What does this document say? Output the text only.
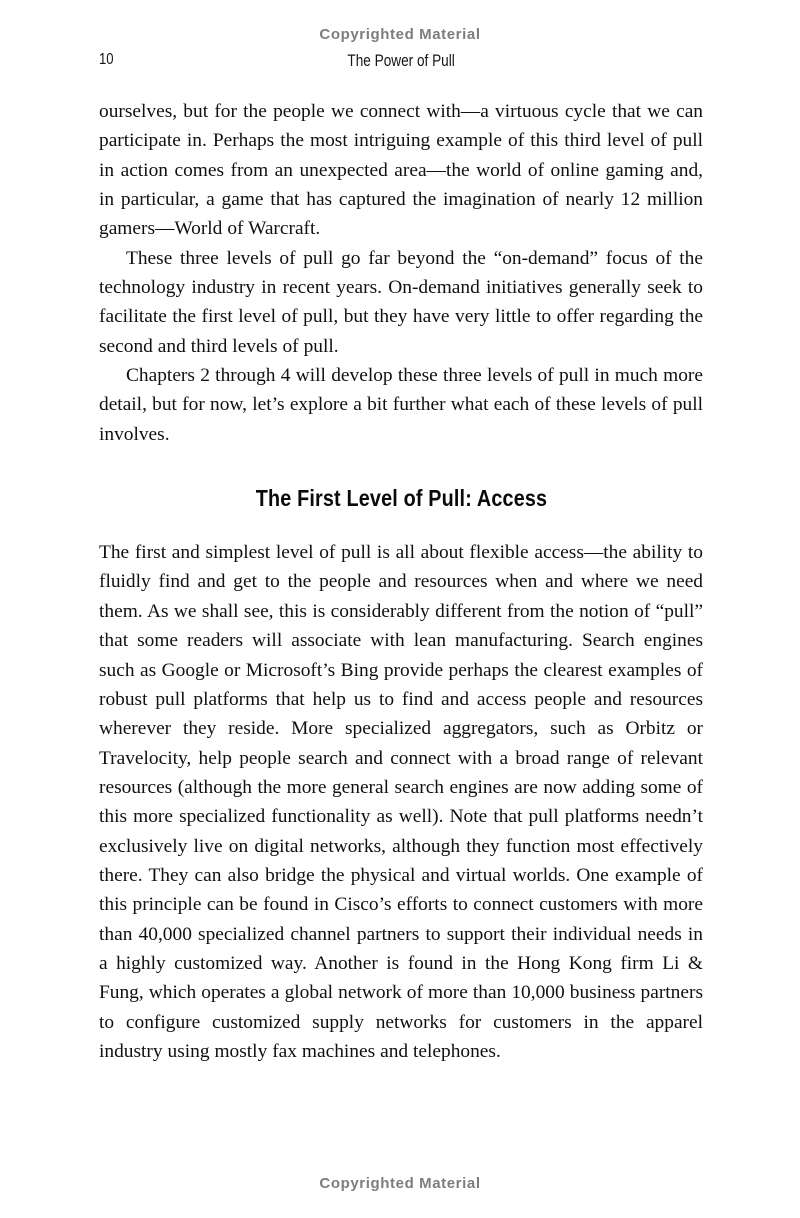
Copyrighted Material
10	The Power of Pull

ourselves, but for the people we connect with—a virtuous cycle that we can participate in. Perhaps the most intriguing example of this third level of pull in action comes from an unexpected area—the world of online gaming and, in particular, a game that has captured the imagination of nearly 12 million gamers—World of Warcraft.

These three levels of pull go far beyond the “on-demand” focus of the technology industry in recent years. On-demand initiatives generally seek to facilitate the first level of pull, but they have very little to offer regarding the second and third levels of pull.

Chapters 2 through 4 will develop these three levels of pull in much more detail, but for now, let’s explore a bit further what each of these levels of pull involves.

The First Level of Pull: Access

The first and simplest level of pull is all about flexible access—the ability to fluidly find and get to the people and resources when and where we need them. As we shall see, this is considerably different from the notion of “pull” that some readers will associate with lean manufacturing. Search engines such as Google or Microsoft’s Bing provide perhaps the clearest examples of robust pull platforms that help us to find and access people and resources wherever they reside. More specialized aggregators, such as Orbitz or Travelocity, help people search and connect with a broad range of relevant resources (although the more general search engines are now adding some of this more specialized functionality as well). Note that pull platforms needn’t exclusively live on digital networks, although they function most effectively there. They can also bridge the physical and virtual worlds. One example of this principle can be found in Cisco’s efforts to connect customers with more than 40,000 specialized channel partners to support their individual needs in a highly customized way. Another is found in the Hong Kong firm Li & Fung, which operates a global network of more than 10,000 business partners to configure customized supply networks for customers in the apparel industry using mostly fax machines and telephones.

Copyrighted Material
